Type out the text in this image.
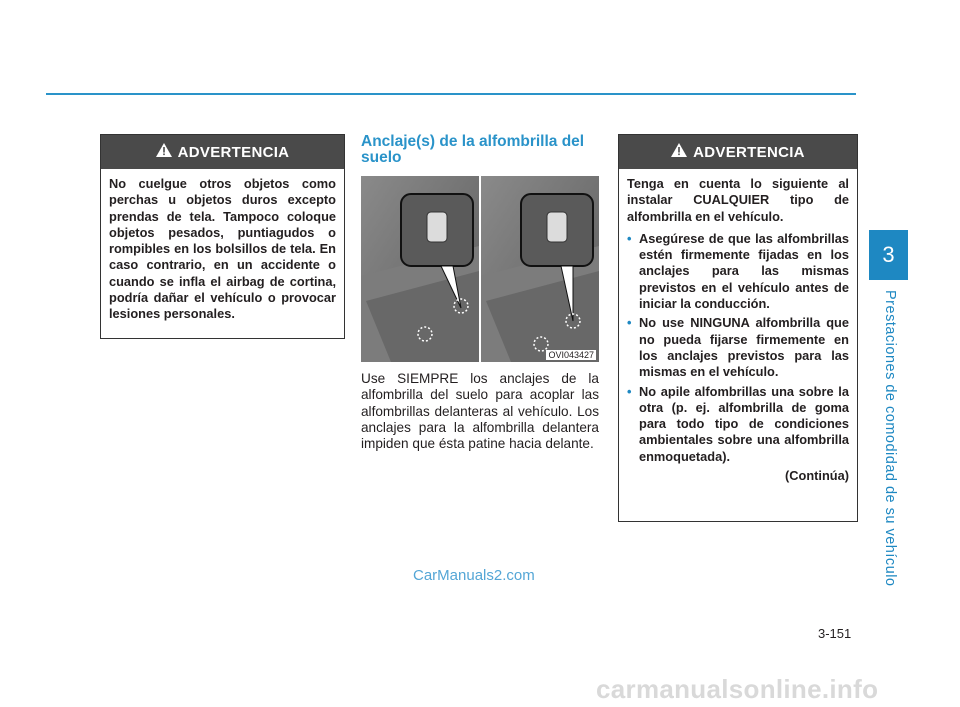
3
Prestaciones de comodidad de su vehículo
ADVERTENCIA
No cuelgue otros objetos como perchas u objetos duros excepto prendas de tela. Tampoco coloque objetos pesados, puntiagudos o rompibles en los bolsillos de tela. En caso contrario, en un accidente o cuando se infla el airbag de cortina, podría dañar el vehículo o provocar lesiones personales.
Anclaje(s) de la alfombrilla del suelo
OVI043427
Use SIEMPRE los anclajes de la alfombrilla del suelo para acoplar las alfombrillas delanteras al vehículo. Los anclajes para la alfombrilla delantera impiden que ésta patine hacia delante.
ADVERTENCIA
Tenga en cuenta lo siguiente al instalar CUALQUIER tipo de alfombrilla en el vehículo.
• Asegúrese de que las alfombrillas estén firmemente fijadas en los anclajes para las mismas previstos en el vehículo antes de iniciar la conducción.
• No use NINGUNA alfombrilla que no pueda fijarse firmemente en los anclajes previstos para las mismas en el vehículo.
• No apile alfombrillas una sobre la otra (p. ej. alfombrilla de goma para todo tipo de condiciones ambientales sobre una alfombrilla enmoquetada).
(Continúa)
CarManuals2.com
3-151
carmanualsonline.info
